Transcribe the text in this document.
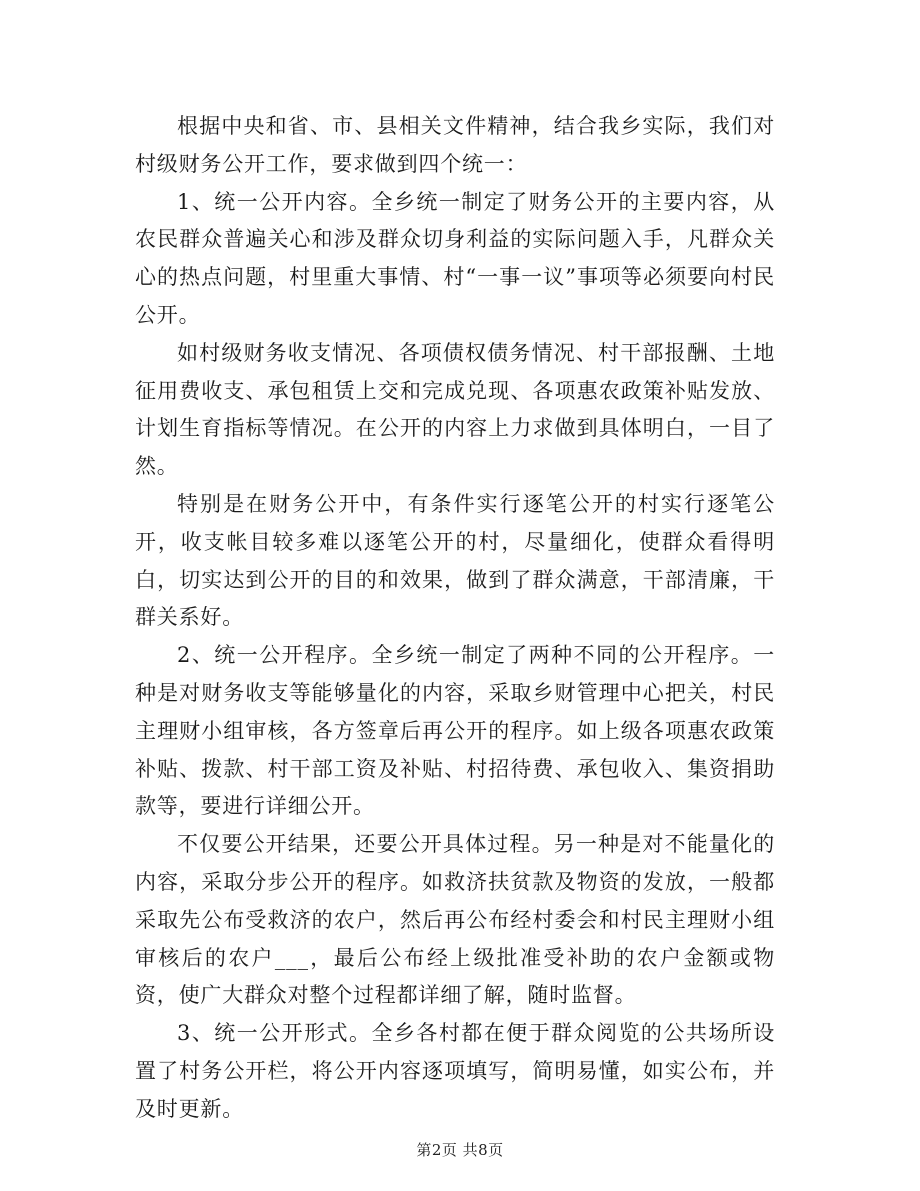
根据中央和省、市、县相关文件精神，结合我乡实际，我们对村级财务公开工作，要求做到四个统一：

1、统一公开内容。全乡统一制定了财务公开的主要内容，从农民群众普遍关心和涉及群众切身利益的实际问题入手，凡群众关心的热点问题，村里重大事情、村“一事一议”事项等必须要向村民公开。

如村级财务收支情况、各项债权债务情况、村干部报酬、土地征用费收支、承包租赁上交和完成兑现、各项惠农政策补贴发放、计划生育指标等情况。在公开的内容上力求做到具体明白，一目了然。

特别是在财务公开中，有条件实行逐笔公开的村实行逐笔公开，收支帐目较多难以逐笔公开的村，尽量细化，使群众看得明白，切实达到公开的目的和效果，做到了群众满意，干部清廉，干群关系好。

2、统一公开程序。全乡统一制定了两种不同的公开程序。一种是对财务收支等能够量化的内容，采取乡财管理中心把关，村民主理财小组审核，各方签章后再公开的程序。如上级各项惠农政策补贴、拨款、村干部工资及补贴、村招待费、承包收入、集资捐助款等，要进行详细公开。

不仅要公开结果，还要公开具体过程。另一种是对不能量化的内容，采取分步公开的程序。如救济扶贫款及物资的发放，一般都采取先公布受救济的农户，然后再公布经村委会和村民主理财小组审核后的农户___，最后公布经上级批准受补助的农户金额或物资，使广大群众对整个过程都详细了解，随时监督。

3、统一公开形式。全乡各村都在便于群众阅览的公共场所设置了村务公开栏，将公开内容逐项填写，简明易懂，如实公布，并及时更新。

第2页 共8页
